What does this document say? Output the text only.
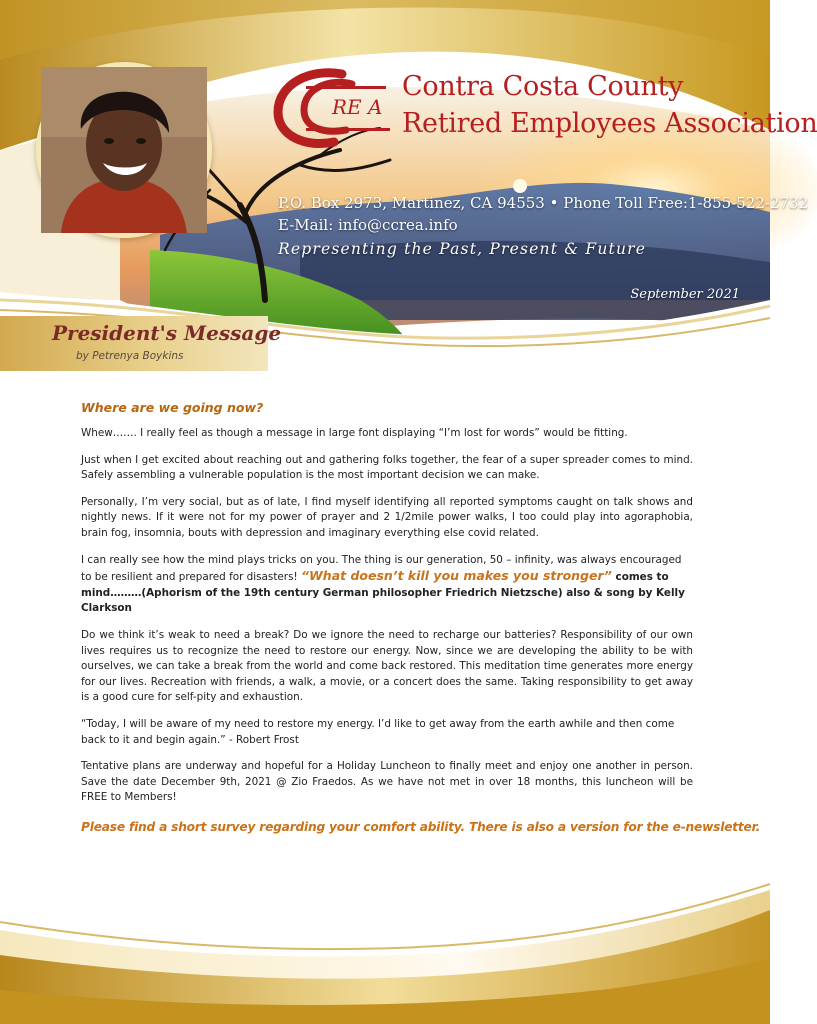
RE A
Contra Costa County
Retired Employees Association
P.O. Box 2973, Martinez, CA 94553 • Phone Toll Free:1-855-522-2732
E-Mail: info@ccrea.info
Representing the Past, Present & Future
September 2021
President's Message
by Petrenya Boykins
Where are we going now?

Whew……. I really feel as though a message in large font displaying “I’m lost for words” would be fitting.

Just when I get excited about reaching out and gathering folks together, the fear of a super spreader comes to mind. Safely assembling a vulnerable population is the most important decision we can make.

Personally, I’m very social, but as of late, I find myself identifying all reported symptoms caught on talk shows and nightly news. If it were not for my power of prayer and 2 1/2mile power walks, I too could play into agoraphobia, brain fog, insomnia, bouts with depression and imaginary everything else covid related.

I can really see how the mind plays tricks on you. The thing is our generation, 50 – infinity, was always encouraged to be resilient and prepared for disasters! “What doesn’t kill you makes you stronger” comes to mind………(Aphorism of the 19th century German philosopher Friedrich Nietzsche) also & song by Kelly Clarkson

Do we think it’s weak to need a break? Do we ignore the need to recharge our batteries? Responsibility of our own lives requires us to recognize the need to restore our energy. Now, since we are developing the ability to be with ourselves, we can take a break from the world and come back restored. This meditation time generates more energy for our lives. Recreation with friends, a walk, a movie, or a concert does the same. Taking responsibility to get away is a good cure for self-pity and exhaustion.

“Today, I will be aware of my need to restore my energy. I’d like to get away from the earth awhile and then come back to it and begin again.” - Robert Frost

Tentative plans are underway and hopeful for a Holiday Luncheon to finally meet and enjoy one another in person. Save the date December 9th, 2021 @ Zio Fraedos. As we have not met in over 18 months, this luncheon will be FREE to Members!

Please find a short survey regarding your comfort ability. There is also a version for the e-newsletter.
